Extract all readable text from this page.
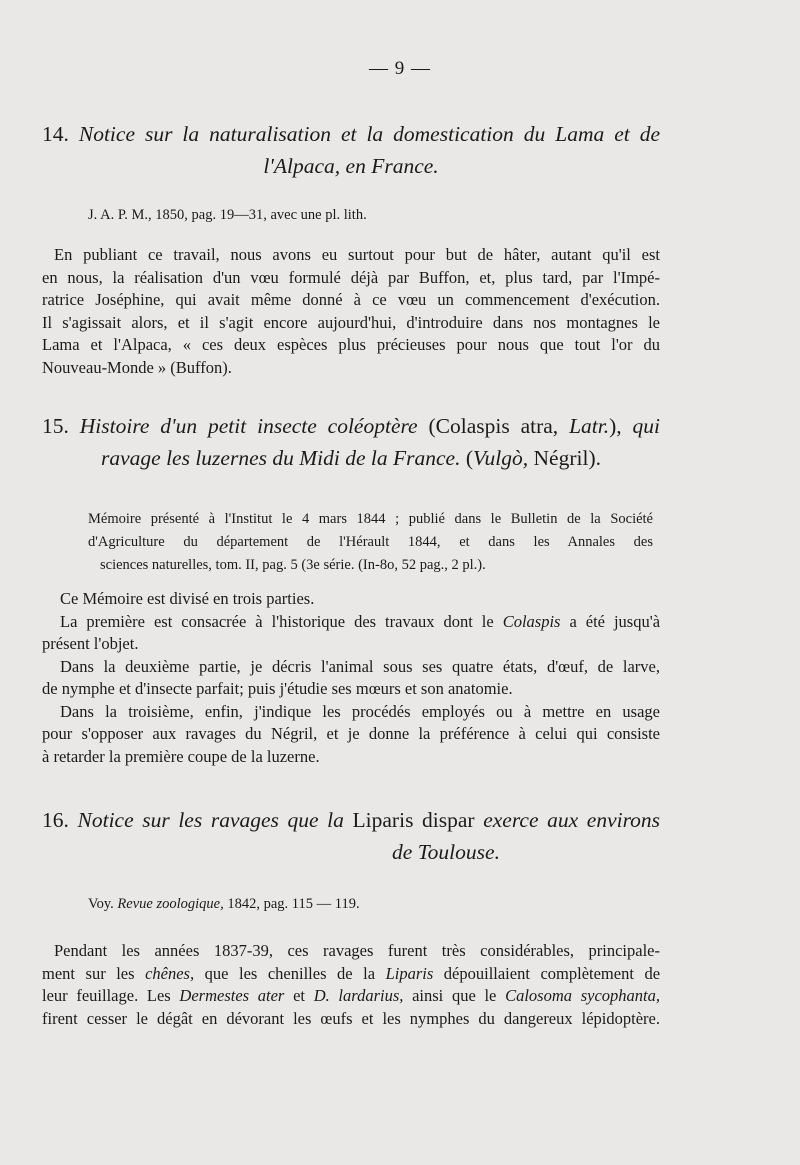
— 9 —
14. Notice sur la naturalisation et la domestication du Lama et de
l'Alpaca, en France.
J. A. P. M., 1850, pag. 19—31, avec une pl. lith.
En publiant ce travail, nous avons eu surtout pour but de hâter, autant qu'il est
en nous, la réalisation d'un vœu formulé déjà par Buffon, et, plus tard, par l'Impé-
ratrice Joséphine, qui avait même donné à ce vœu un commencement d'exécution.
Il s'agissait alors, et il s'agit encore aujourd'hui, d'introduire dans nos montagnes le
Lama et l'Alpaca, « ces deux espèces plus précieuses pour nous que tout l'or du
Nouveau-Monde » (Buffon).
15. Histoire d'un petit insecte coléoptère (Colaspis atra, Latr.), qui
ravage les luzernes du Midi de la France. (Vulgò, Négril).
Mémoire présenté à l'Institut le 4 mars 1844 ; publié dans le Bulletin de la Société
d'Agriculture du département de l'Hérault 1844, et dans les Annales des
sciences naturelles, tom. II, pag. 5 (3e série. (In-8o, 52 pag., 2 pl.).
Ce Mémoire est divisé en trois parties.
La première est consacrée à l'historique des travaux dont le Colaspis a été jusqu'à
présent l'objet.
Dans la deuxième partie, je décris l'animal sous ses quatre états, d'œuf, de larve,
de nymphe et d'insecte parfait; puis j'étudie ses mœurs et son anatomie.
Dans la troisième, enfin, j'indique les procédés employés ou à mettre en usage
pour s'opposer aux ravages du Négril, et je donne la préférence à celui qui consiste
à retarder la première coupe de la luzerne.
16. Notice sur les ravages que la Liparis dispar exerce aux environs
de Toulouse.
Voy. Revue zoologique, 1842, pag. 115 — 119.
Pendant les années 1837-39, ces ravages furent très considérables, principale-
ment sur les chênes, que les chenilles de la Liparis dépouillaient complètement de
leur feuillage. Les Dermestes ater et D. lardarius, ainsi que le Calosoma sycophanta,
firent cesser le dégât en dévorant les œufs et les nymphes du dangereux lépidoptère.
